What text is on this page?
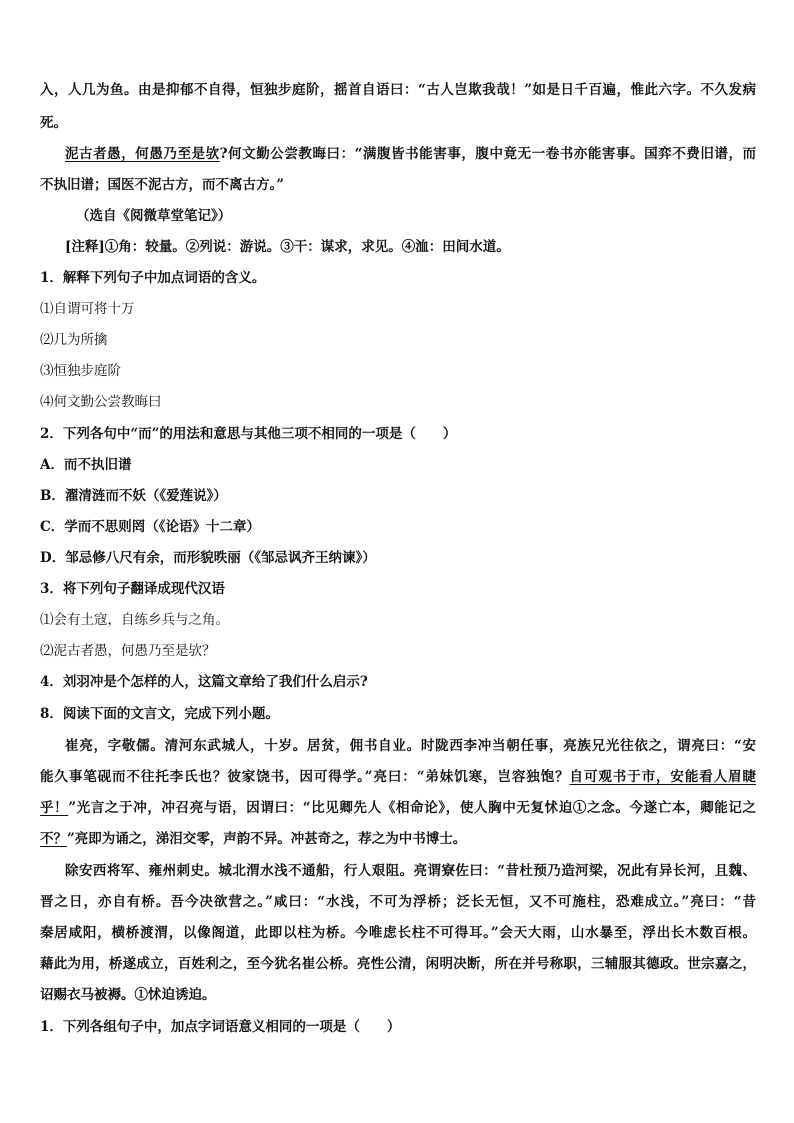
入，人几为鱼。由是抑郁不自得，恒独步庭阶，摇首自语曰：“古人岂欺我哉！”如是日千百遍，惟此六字。不久发病
死。
泥古者愚，何愚乃至是欤?何文勤公尝教晦曰：“满腹皆书能害事，腹中竟无一卷书亦能害事。国弈不费旧谱，而
不执旧谱；国医不泥古方，而不离古方。”
（选自《阅微草堂笔记》）
[注释]①角：较量。②列说：游说。③干：谋求，求见。④洫：田间水道。
1．解释下列句子中加点词语的含义。
⑴自谓可将十万
⑵几为所擒
⑶恒独步庭阶
⑷何文勤公尝教晦曰
2．下列各句中“而”的用法和意思与其他三项不相同的一项是（　　）
A．而不执旧谱
B．濯清涟而不妖（《爱莲说》）
C．学而不思则罔（《论语》十二章）
D．邹忌修八尺有余，而形貌昳丽（《邹忌讽齐王纳谏》）
3．将下列句子翻译成现代汉语
⑴会有土寇，自练乡兵与之角。
⑵泥古者愚，何愚乃至是欤？
4．刘羽冲是个怎样的人，这篇文章给了我们什么启示?
8．阅读下面的文言文，完成下列小题。
崔亮，字敬儒。清河东武城人，十岁。居贫，佣书自业。时陇西李冲当朝任事，亮族兄光往依之，谓亮曰：“安
能久事笔砚而不往托李氏也？彼家饶书，因可得学。”亮曰：“弟妹饥寒，岂容独饱？自可观书于市，安能看人眉睫
乎！”光言之于冲，冲召亮与语，因谓曰：“比见卿先人《相命论》，使人胸中无复怵迫①之念。今遂亡本，卿能记之
不？”亮即为诵之，涕泪交零，声韵不异。冲甚奇之，荐之为中书博士。
除安西将军、雍州刺史。城北渭水浅不通船，行人艰阻。亮谓寮佐曰：“昔杜预乃造河梁，况此有异长河，且魏、
晋之日，亦自有桥。吾今决欲营之。”咸曰：“水浅，不可为浮桥；泛长无恒，又不可施柱，恐难成立。”亮曰：“昔
秦居咸阳，横桥渡渭，以像阁道，此即以柱为桥。今唯虑长柱不可得耳。”会天大雨，山水暴至，浮出长木数百根。
藉此为用，桥遂成立，百姓利之，至今犹名崔公桥。亮性公清，闲明决断，所在并号称职，三辅服其德政。世宗嘉之，
诏赐衣马被褥。①怵迫诱迫。
1．下列各组句子中，加点字词语意义相同的一项是（　　）
